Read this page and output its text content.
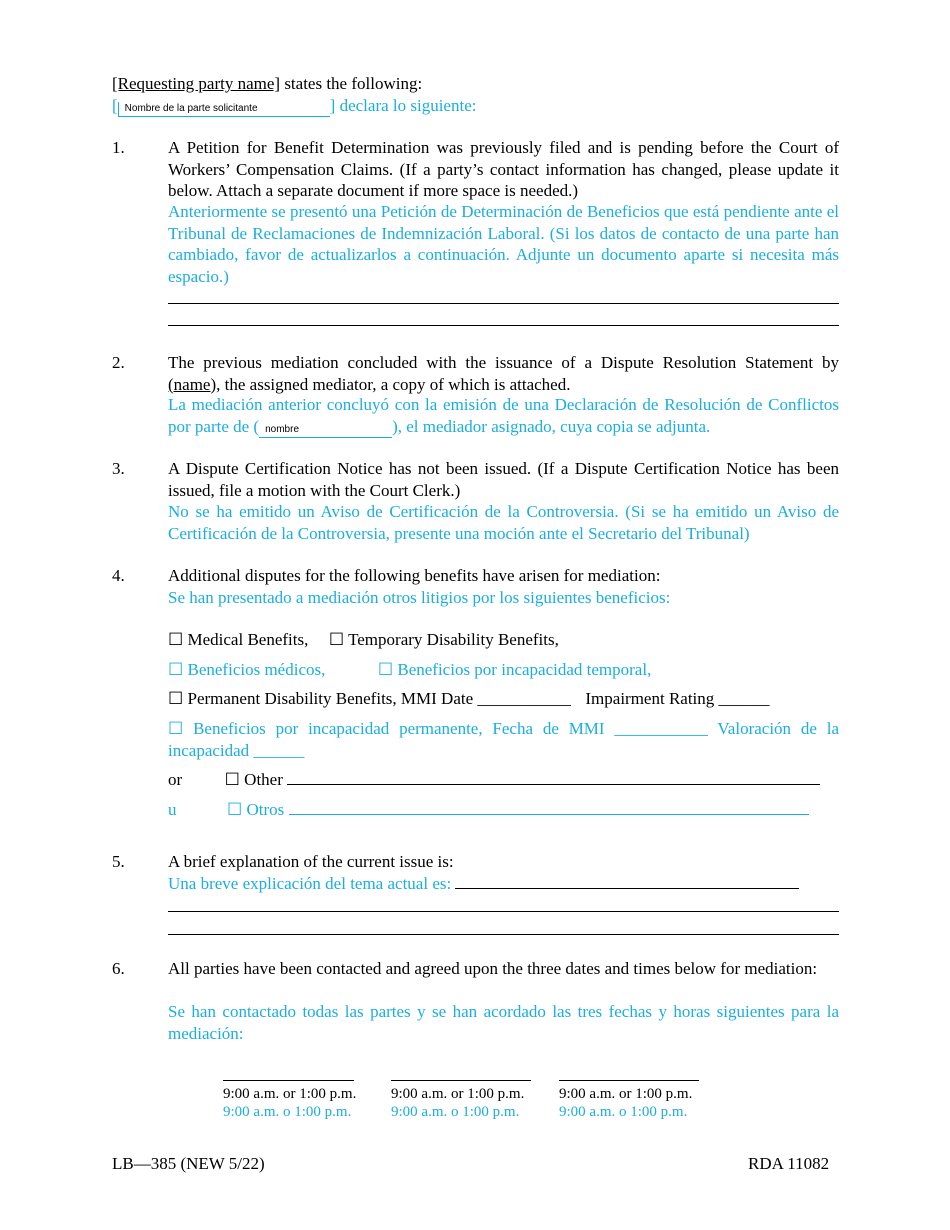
[Requesting party name] states the following:
[ Nombre de la parte solicitante	] declara lo siguiente:
1.	A Petition for Benefit Determination was previously filed and is pending before the Court of Workers’ Compensation Claims. (If a party’s contact information has changed, please update it below. Attach a separate document if more space is needed.)
Anteriormente se presentó una Petición de Determinación de Beneficios que está pendiente ante el Tribunal de Reclamaciones de Indemnización Laboral. (Si los datos de contacto de una parte han cambiado, favor de actualizarlos a continuación. Adjunte un documento aparte si necesita más espacio.)
2.	The previous mediation concluded with the issuance of a Dispute Resolution Statement by (name), the assigned mediator, a copy of which is attached.
La mediación anterior concluyó con la emisión de una Declaración de Resolución de Conflictos por parte de ( nombre	), el mediador asignado, cuya copia se adjunta.
3.	A Dispute Certification Notice has not been issued. (If a Dispute Certification Notice has been issued, file a motion with the Court Clerk.)
No se ha emitido un Aviso de Certificación de la Controversia. (Si se ha emitido un Aviso de Certificación de la Controversia, presente una moción ante el Secretario del Tribunal)
4.	Additional disputes for the following benefits have arisen for mediation:
Se han presentado a mediación otros litigios por los siguientes beneficios:
☐ Medical Benefits, ☐ Temporary Disability Benefits,
☐ Beneficios médicos,	☐ Beneficios por incapacidad temporal,
☐ Permanent Disability Benefits, MMI Date ___________ Impairment Rating ______
☐ Beneficios por incapacidad permanente, Fecha de MMI ___________ Valoración de la incapacidad ______
or	☐ Other
u	☐ Otros
5.	A brief explanation of the current issue is:
Una breve explicación del tema actual es:
6.	All parties have been contacted and agreed upon the three dates and times below for mediation:
Se han contactado todas las partes y se han acordado las tres fechas y horas siguientes para la mediación:
9:00 a.m. or 1:00 p.m. 9:00 a.m. or 1:00 p.m. 9:00 a.m. or 1:00 p.m.
9:00 a.m. o 1:00 p.m.	9:00 a.m. o 1:00 p.m.	9:00 a.m. o 1:00 p.m.
LB—385 (NEW 5/22)	RDA 11082
